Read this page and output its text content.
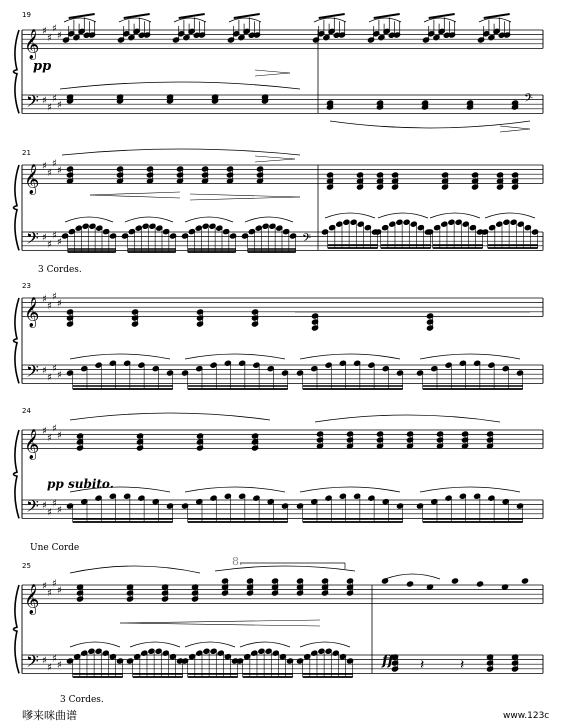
𝄞
𝄢
♯
♯
♯
♯
♯
♯
♯
♯	𝄢
𝄞
𝄢
♯
♯
♯
♯
♯
♯
♯
♯	𝄢
𝄞
𝄢
♯
♯
♯
♯
♯
♯
♯
♯
𝄞
𝄢
♯
♯
♯
♯
♯
♯
♯
♯
𝄞
𝄢
♯
♯
♯
♯
♯
♯
♯
♯	𝄽	𝄽
19
21
23
24
25
pp
pp subito.
ff
3 Cordes.
Une Corde
3 Cordes.
8.
嗲来咪曲谱	www.123c
